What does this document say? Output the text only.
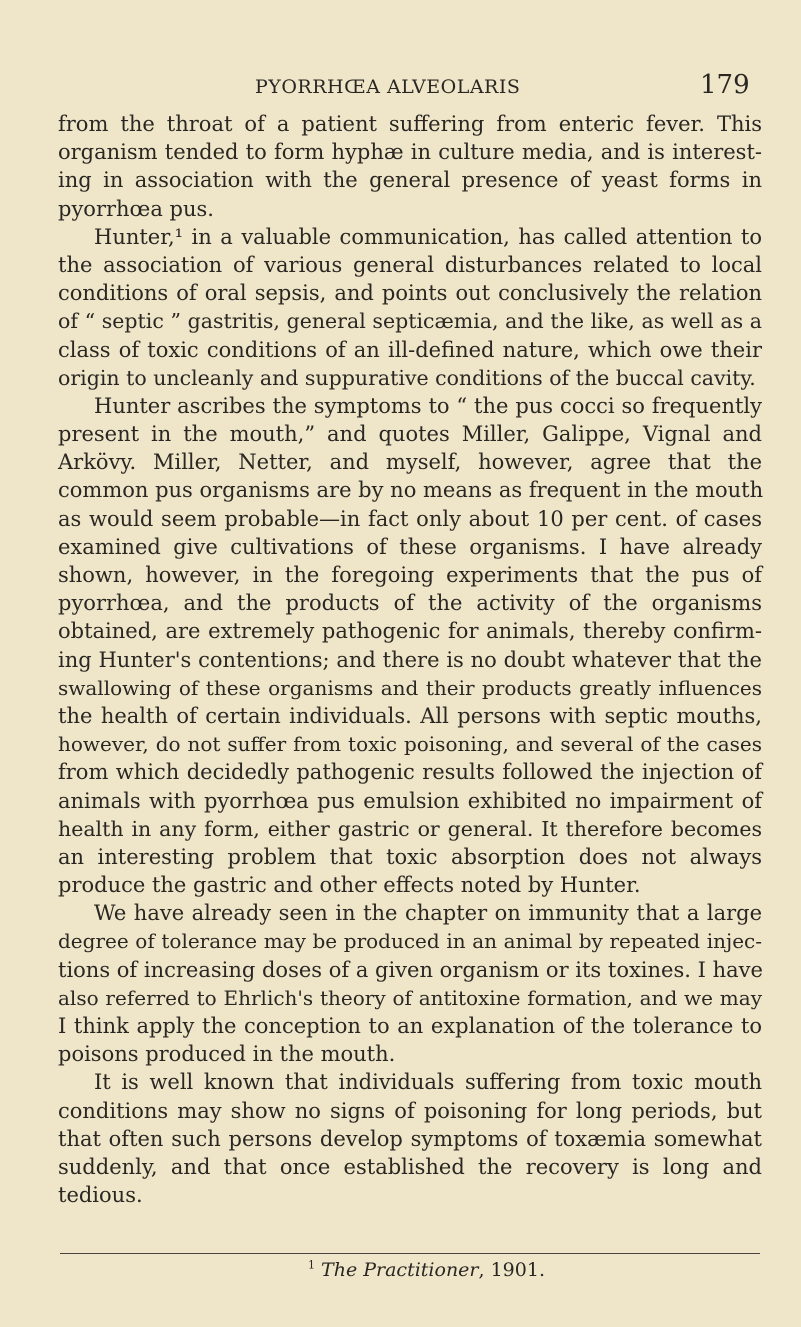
PYORRHŒA ALVEOLARIS	179
from the throat of a patient suffering from enteric fever. This
organism tended to form hyphæ in culture media, and is interest-
ing in association with the general presence of yeast forms in
pyorrhœa pus.
Hunter,¹ in a valuable communication, has called attention to
the association of various general disturbances related to local
conditions of oral sepsis, and points out conclusively the relation
of “ septic ” gastritis, general septicæmia, and the like, as well as a
class of toxic conditions of an ill-defined nature, which owe their
origin to uncleanly and suppurative conditions of the buccal cavity.
Hunter ascribes the symptoms to “ the pus cocci so frequently
present in the mouth,” and quotes Miller, Galippe, Vignal and
Arkövy. Miller, Netter, and myself, however, agree that the
common pus organisms are by no means as frequent in the mouth
as would seem probable—in fact only about 10 per cent. of cases
examined give cultivations of these organisms. I have already
shown, however, in the foregoing experiments that the pus of
pyorrhœa, and the products of the activity of the organisms
obtained, are extremely pathogenic for animals, thereby confirm-
ing Hunter's contentions; and there is no doubt whatever that the
swallowing of these organisms and their products greatly influences
the health of certain individuals. All persons with septic mouths,
however, do not suffer from toxic poisoning, and several of the cases
from which decidedly pathogenic results followed the injection of
animals with pyorrhœa pus emulsion exhibited no impairment of
health in any form, either gastric or general. It therefore becomes
an interesting problem that toxic absorption does not always
produce the gastric and other effects noted by Hunter.
We have already seen in the chapter on immunity that a large
degree of tolerance may be produced in an animal by repeated injec-
tions of increasing doses of a given organism or its toxines. I have
also referred to Ehrlich's theory of antitoxine formation, and we may
I think apply the conception to an explanation of the tolerance to
poisons produced in the mouth.
It is well known that individuals suffering from toxic mouth
conditions may show no signs of poisoning for long periods, but
that often such persons develop symptoms of toxæmia somewhat
suddenly, and that once established the recovery is long and
tedious.
$^1$ The Practitioner, 1901.
